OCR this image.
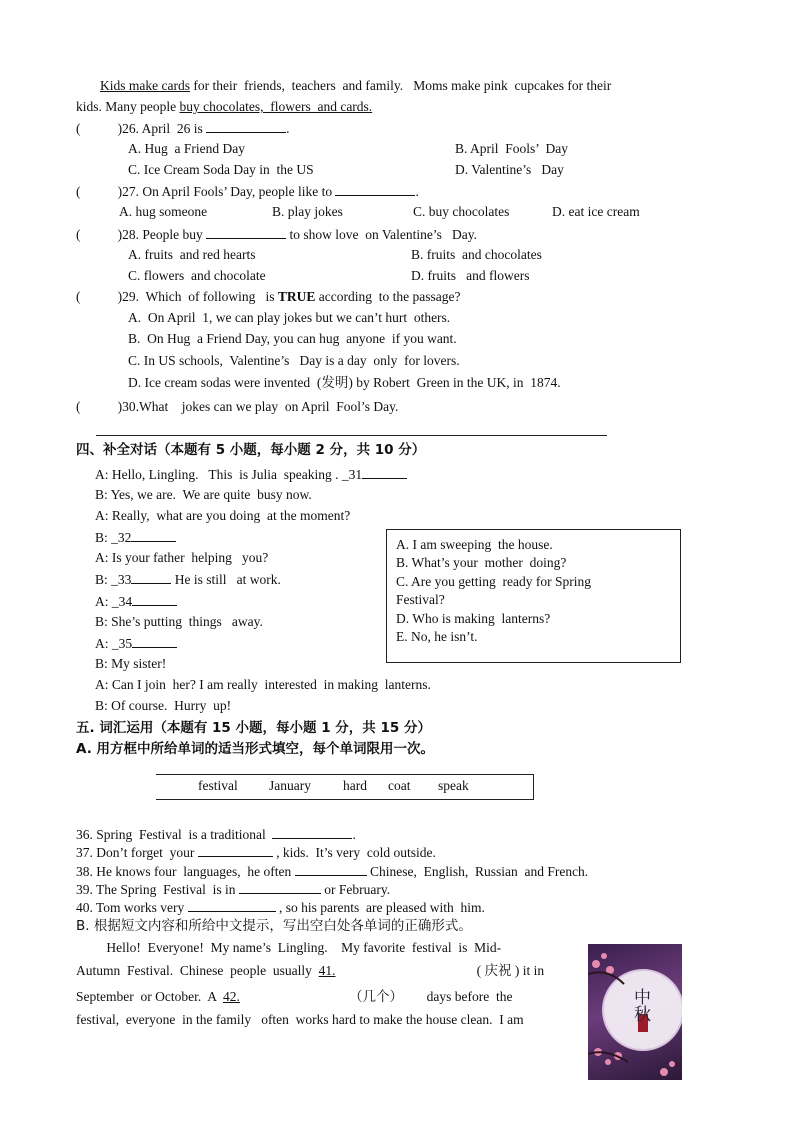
Kids make cards for their  friends,  teachers  and family.   Moms make pink  cupcakes for their
kids. Many people buy chocolates,  flowers  and cards.
(           )26. April  26 is	.
A. Hug  a Friend Day	B. April  Fools’  Day
C. Ice Cream Soda Day in  the US	D. Valentine’s   Day
(           )27. On April Fools’ Day, people like to	.
A. hug someone	B. play jokes	C. buy chocolates	D. eat ice cream
(           )28. People buy	to show love  on Valentine’s   Day.
A. fruits  and red hearts	B. fruits  and chocolates
C. flowers  and chocolate	D. fruits   and flowers
(           )29.  Which  of following   is TRUE according  to the passage?
A.  On April  1, we can play jokes but we can’t hurt  others.
B.  On Hug  a Friend Day, you can hug  anyone  if you want.
C. In US schools,  Valentine’s   Day is a day  only  for lovers.
D. Ice cream sodas were invented  (发明) by Robert  Green in the UK, in  1874.
(           )30.What    jokes can we play  on April  Fool’s Day.
四、补全对话（本题有 5 小题，每小题 2 分，共 10 分）
A: Hello, Lingling.   This  is Julia  speaking . _31
B: Yes, we are.  We are quite  busy now.
A: Really,  what are you doing  at the moment?
B: _32
A: Is your father  helping   you?
B: _33	He is still   at work.
A: _34
B: She’s putting  things   away.
A: _35
B: My sister!
A: Can I join  her? I am really  interested  in making  lanterns.
B: Of course.  Hurry  up!
A. I am sweeping  the house.
B. What’s your  mother  doing?
C. Are you getting  ready for Spring
Festival?
D. Who is making  lanterns?
E. No, he isn’t.
五. 词汇运用（本题有 15 小题，每小题 1 分，共 15 分）
A. 用方框中所给单词的适当形式填空，每个单词限用一次。
festival January hard coat speak
36. Spring  Festival  is a traditional	.
37. Don’t forget  your	, kids.  It’s very  cold outside.
38. He knows four  languages,  he often	Chinese,  English,  Russian  and French.
39. The Spring  Festival  is in	or February.
40. Tom works very	, so his parents  are pleased with  him.
B. 根据短文内容和所给中文提示，写出空白处各单词的正确形式。
Hello!  Everyone!  My name’s  Lingling.    My favorite  festival  is  Mid-
Autumn  Festival.  Chinese  people  usually  41.	( 庆祝 ) it in
September  or October.  A  42.	（几个）       days before  the
festival,  everyone  in the family   often  works hard to make the house clean.  I am	中秋
